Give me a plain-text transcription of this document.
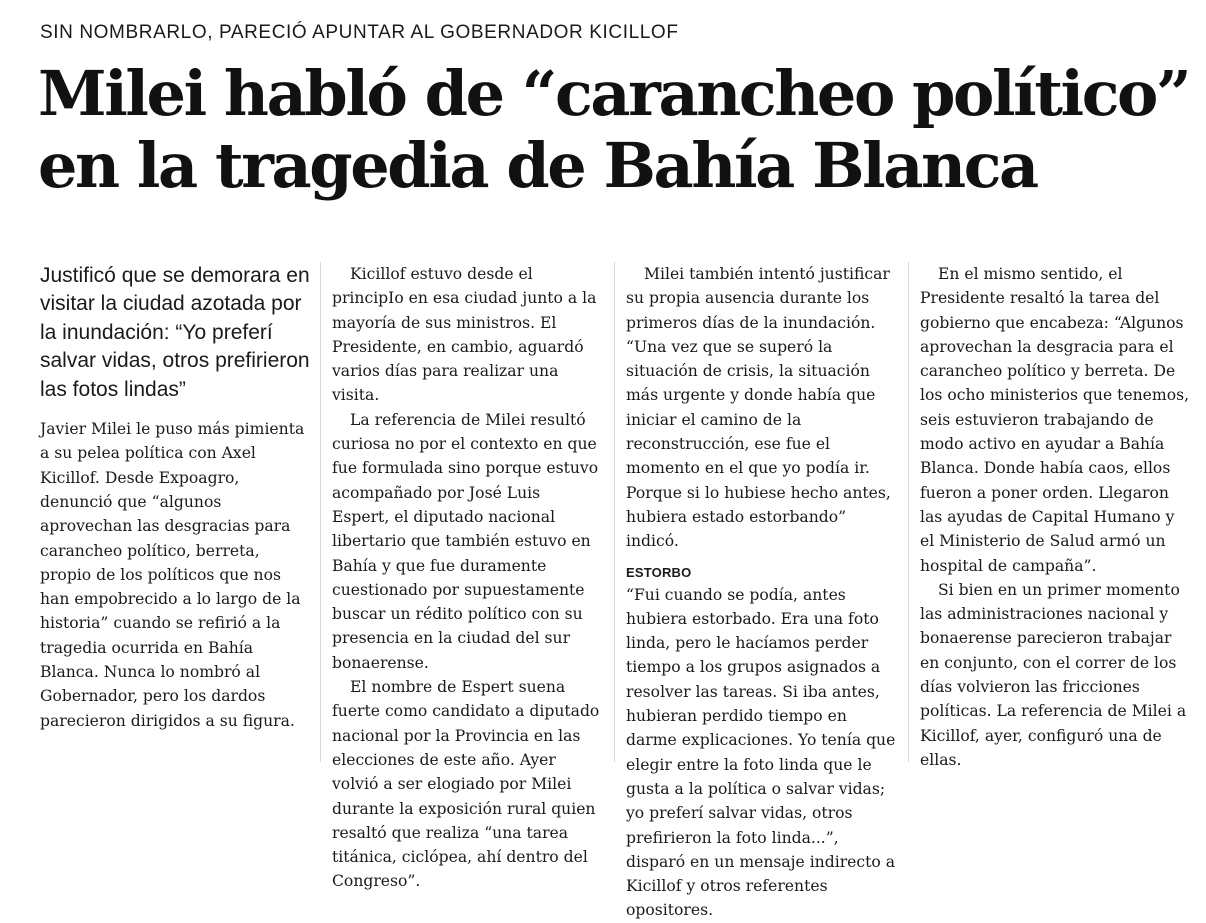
SIN NOMBRARLO, PARECIÓ APUNTAR AL GOBERNADOR KICILLOF
Milei habló de “carancheo político”
en la tragedia de Bahía Blanca

Justificó que se demorara en visitar la ciudad azotada por la inundación: “Yo preferí salvar vidas, otros prefirieron las fotos lindas”

Javier Milei le puso más pimienta a su pelea política con Axel Kicillof. Desde Expoagro, denunció que “algunos aprovechan las desgracias para carancheo político, berreta, propio de los políticos que nos han empobrecido a lo largo de la historia” cuando se refirió a la tragedia ocurrida en Bahía Blanca. Nunca lo nombró al Gobernador, pero los dardos parecieron dirigidos a su figura.

Kicillof estuvo desde el principIo en esa ciudad junto a la mayoría de sus ministros. El Presidente, en cambio, aguardó varios días para realizar una visita.

La referencia de Milei resultó curiosa no por el contexto en que fue formulada sino porque estuvo acompañado por José Luis Espert, el diputado nacional libertario que también estuvo en Bahía y que fue duramente cuestionado por supuestamente buscar un rédito político con su presencia en la ciudad del sur bonaerense.

El nombre de Espert suena fuerte como candidato a diputado nacional por la Provincia en las elecciones de este año. Ayer volvió a ser elogiado por Milei durante la exposición rural quien resaltó que realiza “una tarea titánica, ciclópea, ahí dentro del Congreso”.

Milei también intentó justificar su propia ausencia durante los primeros días de la inundación. “Una vez que se superó la situación de crisis, la situación más urgente y donde había que iniciar el camino de la reconstrucción, ese fue el momento en el que yo podía ir. Porque si lo hubiese hecho antes, hubiera estado estorbando” indicó.

ESTORBO

“Fui cuando se podía, antes hubiera estorbado. Era una foto linda, pero le hacíamos perder tiempo a los grupos asignados a resolver las tareas. Si iba antes, hubieran perdido tiempo en darme explicaciones. Yo tenía que elegir entre la foto linda que le gusta a la política o salvar vidas; yo preferí salvar vidas, otros prefirieron la foto linda...”, disparó en un mensaje indirecto a Kicillof y otros referentes opositores.

En el mismo sentido, el Presidente resaltó la tarea del gobierno que encabeza: “Algunos aprovechan la desgracia para el carancheo político y berreta. De los ocho ministerios que tenemos, seis estuvieron trabajando de modo activo en ayudar a Bahía Blanca. Donde había caos, ellos fueron a poner orden. Llegaron las ayudas de Capital Humano y el Ministerio de Salud armó un hospital de campaña”.

Si bien en un primer momento las administraciones nacional y bonaerense parecieron trabajar en conjunto, con el correr de los días volvieron las fricciones políticas. La referencia de Milei a Kicillof, ayer, configuró una de ellas.
